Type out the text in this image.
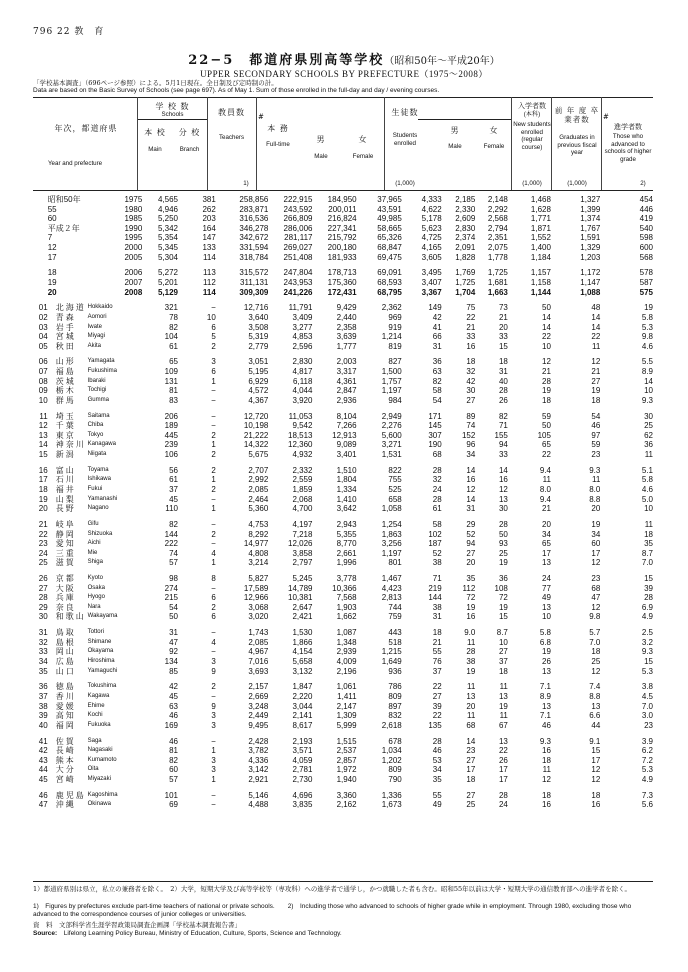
796 22 教　育
22−5　都道府県別高等学校（昭和50年～平成20年）
UPPER SECONDARY SCHOOLS BY PREFECTURE（1975～2008）
「学校基本調査」（696ページ参照）による。5月1日現在。全日制及び定時制の計。
Data are based on the Basic Survey of Schools (see page 697). As of May 1. Sum of those enrolled in the full-day and day / evening courses.
年次，都道府県
Year and prefecture
学 校 数
Schools
本 校
Main
分 校
Branch
教員数
Teachers
1)
#
本 務
Full-time
男
Male
女
Female
生徒数
Students enrolled
(1,000)
男
Male
女
Female
入学者数
(本科)
New students enrolled (regular course)
(1,000)
前 年 度 卒業者数
Graduates in previous fiscal year
(1,000)
#
進学者数
Those who advanced to schools of higher grade
2)
	昭和50年	1975	4,565	381	258,856	222,915	184,950	37,965	4,333	2,185	2,148	1,468	1,327	454
	55	1980	4,946	262	283,871	243,592	200,011	43,591	4,622	2,330	2,292	1,628	1,399	446
	60	1985	5,250	203	316,536	266,809	216,824	49,985	5,178	2,609	2,568	1,771	1,374	419
	平成２年	1990	5,342	164	346,278	286,006	227,341	58,665	5,623	2,830	2,794	1,871	1,767	540
	7	1995	5,354	147	342,672	281,117	215,792	65,326	4,725	2,374	2,351	1,552	1,591	598
	12	2000	5,345	133	331,594	269,027	200,180	68,847	4,165	2,091	2,075	1,400	1,329	600
	17	2005	5,304	114	318,784	251,408	181,933	69,475	3,605	1,828	1,778	1,184	1,203	568

	18	2006	5,272	113	315,572	247,804	178,713	69,091	3,495	1,769	1,725	1,157	1,172	578
	19	2007	5,201	112	311,131	243,953	175,360	68,593	3,407	1,725	1,681	1,158	1,147	587
	20	2008	5,129	114	309,309	241,226	172,431	68,795	3,367	1,704	1,663	1,144	1,088	575

01	北海道	Hokkaido	321	−	12,716	11,791	9,429	2,362	149	75	73	50	48	19
02	青森	Aomori	78	10	3,640	3,409	2,440	969	42	22	21	14	14	5.8
03	岩手	Iwate	82	6	3,508	3,277	2,358	919	41	21	20	14	14	5.3
04	宮城	Miyagi	104	5	5,319	4,853	3,639	1,214	66	33	33	22	22	9.8
05	秋田	Akita	61	2	2,779	2,596	1,777	819	31	16	15	10	11	4.6

06	山形	Yamagata	65	3	3,051	2,830	2,003	827	36	18	18	12	12	5.5
07	福島	Fukushima	109	6	5,195	4,817	3,317	1,500	63	32	31	21	21	8.9
08	茨城	Ibaraki	131	1	6,929	6,118	4,361	1,757	82	42	40	28	27	14
09	栃木	Tochigi	81	−	4,572	4,044	2,847	1,197	58	30	28	19	19	10
10	群馬	Gumma	83	−	4,367	3,920	2,936	984	54	27	26	18	18	9.3

11	埼玉	Saitama	206	−	12,720	11,053	8,104	2,949	171	89	82	59	54	30
12	千葉	Chiba	189	−	10,198	9,542	7,266	2,276	145	74	71	50	46	25
13	東京	Tokyo	445	2	21,222	18,513	12,913	5,600	307	152	155	105	97	62
14	神奈川	Kanagawa	239	1	14,322	12,360	9,089	3,271	190	96	94	65	59	36
15	新潟	Niigata	106	2	5,675	4,932	3,401	1,531	68	34	33	22	23	11

16	富山	Toyama	56	2	2,707	2,332	1,510	822	28	14	14	9.4	9.3	5.1
17	石川	Ishikawa	61	1	2,992	2,559	1,804	755	32	16	16	11	11	5.8
18	福井	Fukui	37	2	2,085	1,859	1,334	525	24	12	12	8.0	8.0	4.6
19	山梨	Yamanashi	45	−	2,464	2,068	1,410	658	28	14	13	9.4	8.8	5.0
20	長野	Nagano	110	1	5,360	4,700	3,642	1,058	61	31	30	21	20	10

21	岐阜	Gifu	82	−	4,753	4,197	2,943	1,254	58	29	28	20	19	11
22	静岡	Shizuoka	144	2	8,292	7,218	5,355	1,863	102	52	50	34	34	18
23	愛知	Aichi	222	−	14,977	12,026	8,770	3,256	187	94	93	65	60	35
24	三重	Mie	74	4	4,808	3,858	2,661	1,197	52	27	25	17	17	8.7
25	滋賀	Shiga	57	1	3,214	2,797	1,996	801	38	20	19	13	12	7.0

26	京都	Kyoto	98	8	5,827	5,245	3,778	1,467	71	35	36	24	23	15
27	大阪	Osaka	274	−	17,589	14,789	10,366	4,423	219	112	108	77	68	39
28	兵庫	Hyogo	215	6	12,966	10,381	7,568	2,813	144	72	72	49	47	28
29	奈良	Nara	54	2	3,068	2,647	1,903	744	38	19	19	13	12	6.9
30	和歌山	Wakayama	50	6	3,020	2,421	1,662	759	31	16	15	10	9.8	4.9

31	鳥取	Tottori	31	−	1,743	1,530	1,087	443	18	9.0	8.7	5.8	5.7	2.5
32	島根	Shimane	47	4	2,085	1,866	1,348	518	21	11	10	6.8	7.0	3.2
33	岡山	Okayama	92	−	4,967	4,154	2,939	1,215	55	28	27	19	18	9.3
34	広島	Hiroshima	134	3	7,016	5,658	4,009	1,649	76	38	37	26	25	15
35	山口	Yamaguchi	85	9	3,693	3,132	2,196	936	37	19	18	13	12	5.3

36	徳島	Tokushima	42	2	2,157	1,847	1,061	786	22	11	11	7.1	7.4	3.8
37	香川	Kagawa	45	−	2,669	2,220	1,411	809	27	13	13	8.9	8.8	4.5
38	愛媛	Ehime	63	9	3,248	3,044	2,147	897	39	20	19	13	13	7.0
39	高知	Kochi	46	3	2,449	2,141	1,309	832	22	11	11	7.1	6.6	3.0
40	福岡	Fukuoka	169	3	9,495	8,617	5,999	2,618	135	68	67	46	44	23

41	佐賀	Saga	46	−	2,428	2,193	1,515	678	28	14	13	9.3	9.1	3.9
42	長崎	Nagasaki	81	1	3,782	3,571	2,537	1,034	46	23	22	16	15	6.2
43	熊本	Kumamoto	82	3	4,336	4,059	2,857	1,202	53	27	26	18	17	7.2
44	大分	Oita	60	3	3,142	2,781	1,972	809	34	17	17	11	12	5.3
45	宮崎	Miyazaki	57	1	2,921	2,730	1,940	790	35	18	17	12	12	4.9

46	鹿児島	Kagoshima	101	−	5,146	4,696	3,360	1,336	55	27	28	18	18	7.3
47	沖縄	Okinawa	69	−	4,488	3,835	2,162	1,673	49	25	24	16	16	5.6
1）都道府県別は県立，私立の兼務者を除く。　2）大学，短期大学及び高等学校等（専攻科）への進学者で通学し，かつ就職した者も含む。昭和55年以前は大学・短期大学の通信教育部への進学者を除く。
1)　Figures by prefectures exclude part-time teachers of national or private schools.　　2)　Including those who advanced to schools of higher grade while in employment. Through 1980, excluding those who advanced to the correspondence courses of junior colleges or universities.
資　料　 文部科学省生涯学習政策局調査企画課「学校基本調査報告書」
Source:　 Lifelong Learning Policy Bureau, Ministry of Education, Culture, Sports, Science and Technology.
